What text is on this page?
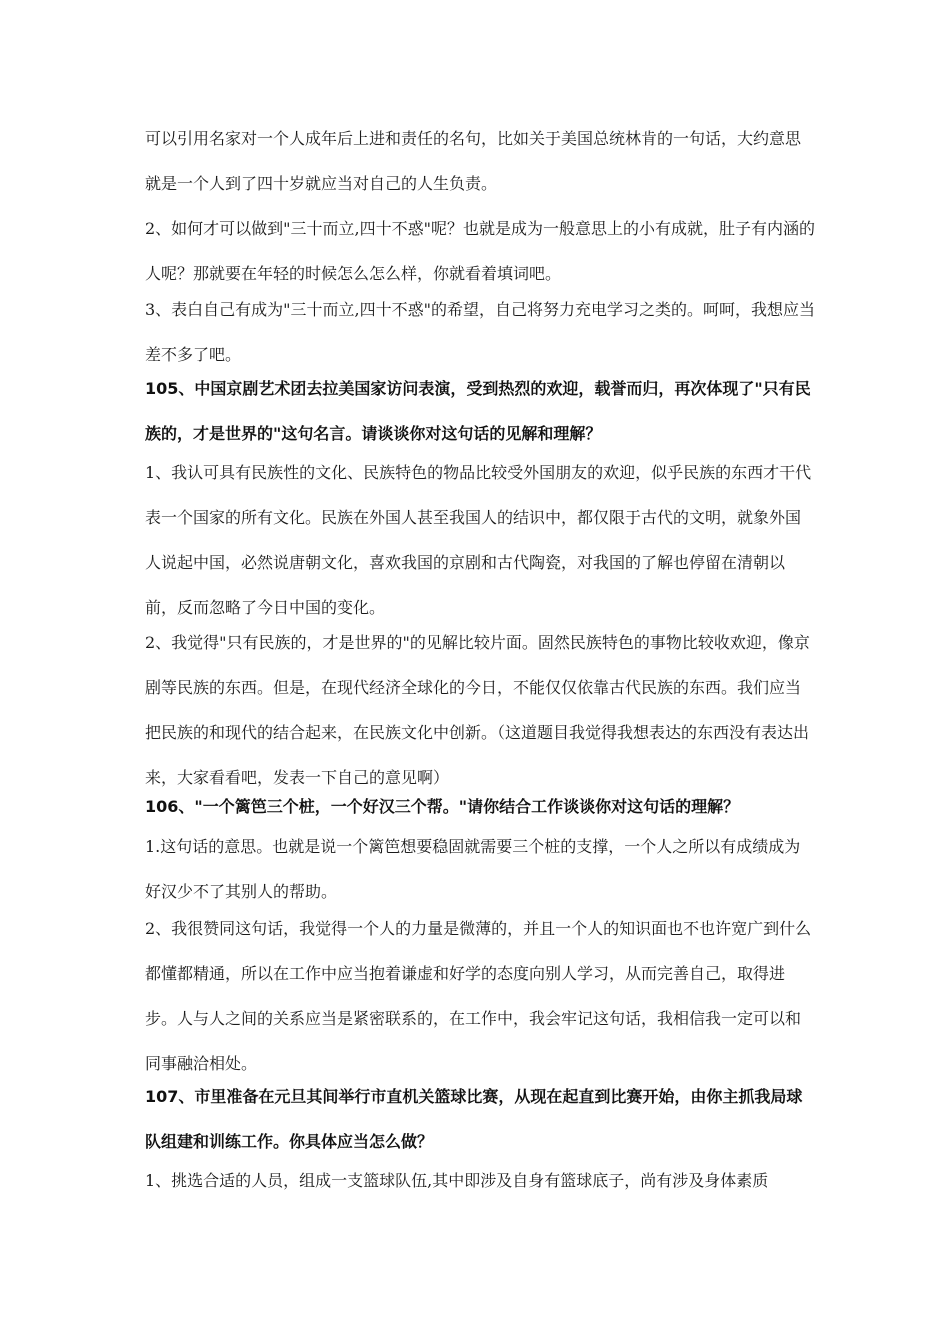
可以引用名家对一个人成年后上进和责任的名句，比如关于美国总统林肯的一句话，大约意思就是一个人到了四十岁就应当对自己的人生负责。

2、如何才可以做到"三十而立,四十不惑"呢？也就是成为一般意思上的小有成就，肚子有内涵的人呢？那就要在年轻的时候怎么怎么样，你就看着填词吧。

3、表白自己有成为"三十而立,四十不惑"的希望，自己将努力充电学习之类的。呵呵，我想应当差不多了吧。

105、中国京剧艺术团去拉美国家访问表演，受到热烈的欢迎，载誉而归，再次体现了"只有民族的，才是世界的"这句名言。请谈谈你对这句话的见解和理解？

1、我认可具有民族性的文化、民族特色的物品比较受外国朋友的欢迎，似乎民族的东西才干代表一个国家的所有文化。民族在外国人甚至我国人的结识中，都仅限于古代的文明，就象外国人说起中国，必然说唐朝文化，喜欢我国的京剧和古代陶瓷，对我国的了解也停留在清朝以前，反而忽略了今日中国的变化。

2、我觉得"只有民族的，才是世界的"的见解比较片面。固然民族特色的事物比较收欢迎，像京剧等民族的东西。但是，在现代经济全球化的今日，不能仅仅依靠古代民族的东西。我们应当把民族的和现代的结合起来，在民族文化中创新。（这道题目我觉得我想表达的东西没有表达出来，大家看看吧，发表一下自己的意见啊）

106、"一个篱笆三个桩，一个好汉三个帮。"请你结合工作谈谈你对这句话的理解？

1.这句话的意思。也就是说一个篱笆想要稳固就需要三个桩的支撑，一个人之所以有成绩成为好汉少不了其别人的帮助。

2、我很赞同这句话，我觉得一个人的力量是微薄的，并且一个人的知识面也不也许宽广到什么都懂都精通，所以在工作中应当抱着谦虚和好学的态度向别人学习，从而完善自己，取得进步。人与人之间的关系应当是紧密联系的，在工作中，我会牢记这句话，我相信我一定可以和同事融洽相处。

107、市里准备在元旦其间举行市直机关篮球比赛，从现在起直到比赛开始，由你主抓我局球队组建和训练工作。你具体应当怎么做？

1、挑选合适的人员，组成一支篮球队伍,其中即涉及自身有篮球底子，尚有涉及身体素质
